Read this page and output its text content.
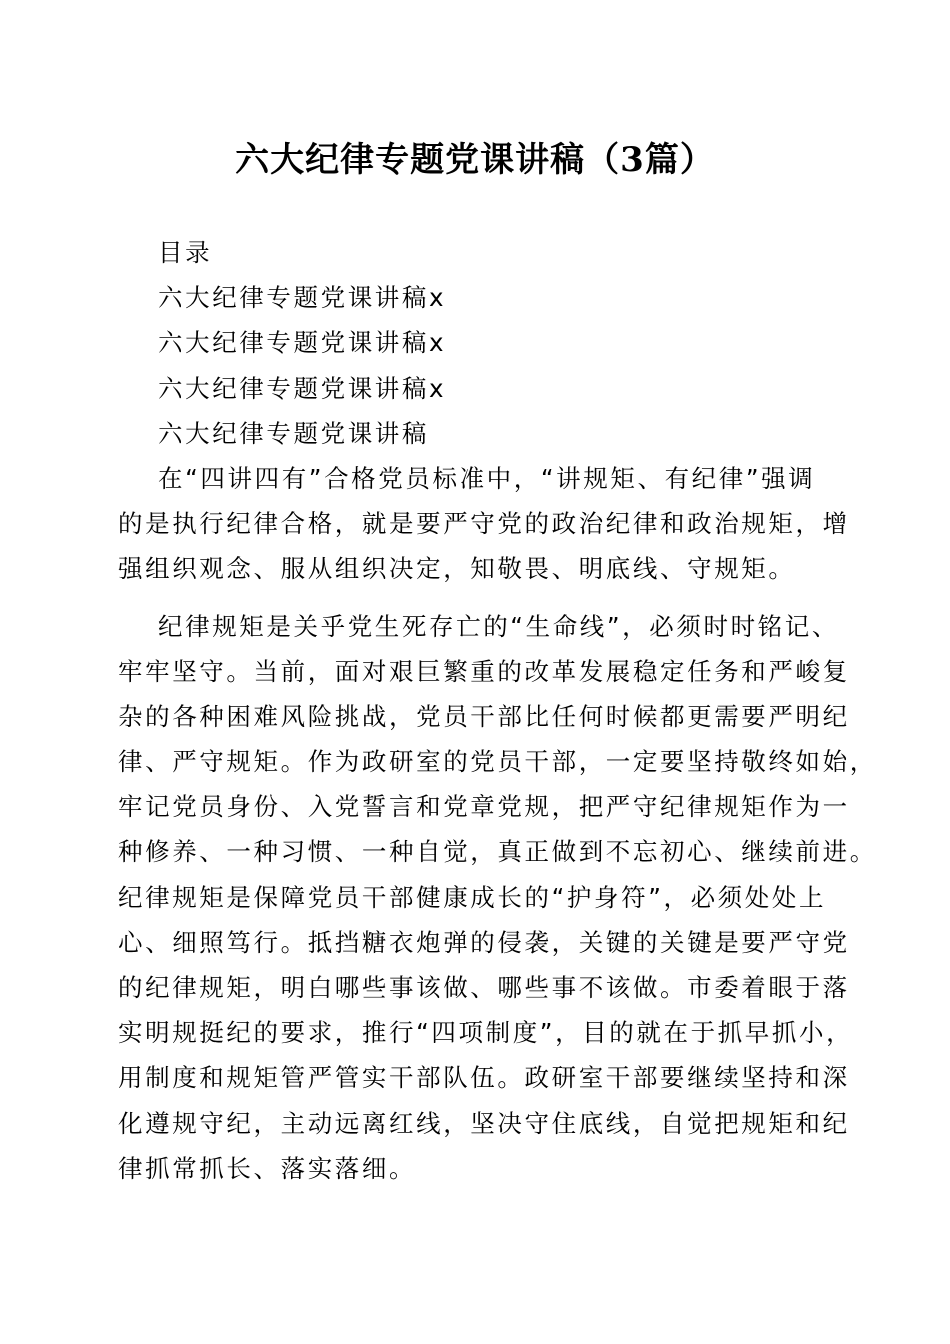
六大纪律专题党课讲稿（3篇）
目录
六大纪律专题党课讲稿x
六大纪律专题党课讲稿x
六大纪律专题党课讲稿x
六大纪律专题党课讲稿
在“四讲四有”合格党员标准中，“讲规矩、有纪律”强调
的是执行纪律合格，就是要严守党的政治纪律和政治规矩，增
强组织观念、服从组织决定，知敬畏、明底线、守规矩。
纪律规矩是关乎党生死存亡的“生命线”，必须时时铭记、
牢牢坚守。当前，面对艰巨繁重的改革发展稳定任务和严峻复
杂的各种困难风险挑战，党员干部比任何时候都更需要严明纪
律、严守规矩。作为政研室的党员干部，一定要坚持敬终如始，
牢记党员身份、入党誓言和党章党规，把严守纪律规矩作为一
种修养、一种习惯、一种自觉，真正做到不忘初心、继续前进。
纪律规矩是保障党员干部健康成长的“护身符”，必须处处上
心、细照笃行。抵挡糖衣炮弹的侵袭，关键的关键是要严守党
的纪律规矩，明白哪些事该做、哪些事不该做。市委着眼于落
实明规挺纪的要求，推行“四项制度”，目的就在于抓早抓小，
用制度和规矩管严管实干部队伍。政研室干部要继续坚持和深
化遵规守纪，主动远离红线，坚决守住底线，自觉把规矩和纪
律抓常抓长、落实落细。
